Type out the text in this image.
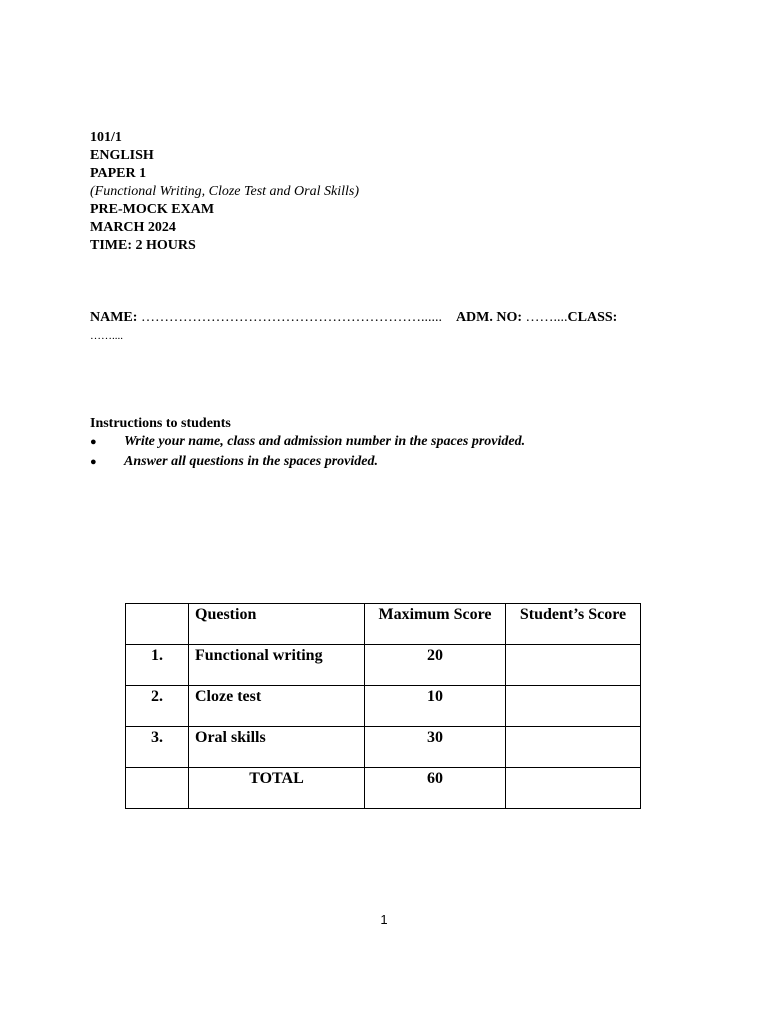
101/1
ENGLISH
PAPER 1
(Functional Writing, Cloze Test and Oral Skills)
PRE-MOCK EXAM
MARCH 2024
TIME: 2 HOURS
NAME: ……………………………………………………...... ADM. NO: ……....CLASS:
……....
Instructions to students
● Write your name, class and admission number in the spaces provided.
● Answer all questions in the spaces provided.
	Question	Maximum Score	Student’s Score
1.	Functional writing	20	
2.	Cloze test	10	
3.	Oral skills	30	
	TOTAL	60	
1
